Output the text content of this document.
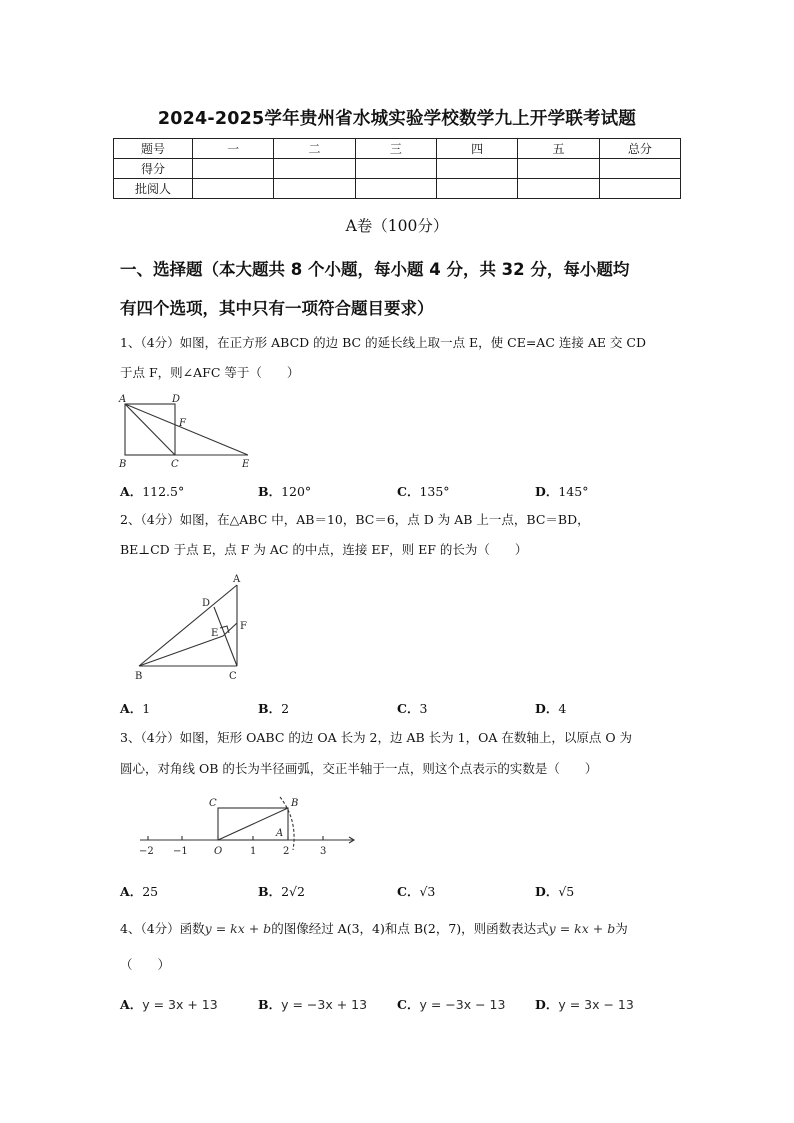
2024-2025学年贵州省水城实验学校数学九上开学联考试题
题号	一	二	三	四	五	总分
得分						
批阅人						
A卷（100分）
一、选择题（本大题共 8 个小题，每小题 4 分，共 32 分，每小题均
有四个选项，其中只有一项符合题目要求）
1、（4分）如图，在正方形 ABCD 的边 BC 的延长线上取一点 E，使 CE=AC 连接 AE 交 CD
于点 F，则∠AFC 等于（　　）
A	D
F
B	C	E
A．112.5°	B．120°	C．135°	D．145°
2、（4分）如图，在△ABC 中，AB＝10，BC＝6，点 D 为 AB 上一点，BC＝BD，
BE⊥CD 于点 E，点 F 为 AC 的中点，连接 EF，则 EF 的长为（　　）
A
D
E
F
B	C
A．1	B．2	C．3	D．4
3、（4分）如图，矩形 OABC 的边 OA 长为 2，边 AB 长为 1，OA 在数轴上，以原点 O 为
圆心，对角线 OB 的长为半径画弧，交正半轴于一点，则这个点表示的实数是（　　）
C	B
A
−2 −1	O	1	2	3
A．25	B．2√2	C．√3	D．√5
4、（4分）函数y = kx + b的图像经过 A(3，4)和点 B(2，7)，则函数表达式y = kx + b为
（　　）
A．y = 3x + 13	B．y = −3x + 13 C．y = −3x − 13 D．y = 3x − 13
